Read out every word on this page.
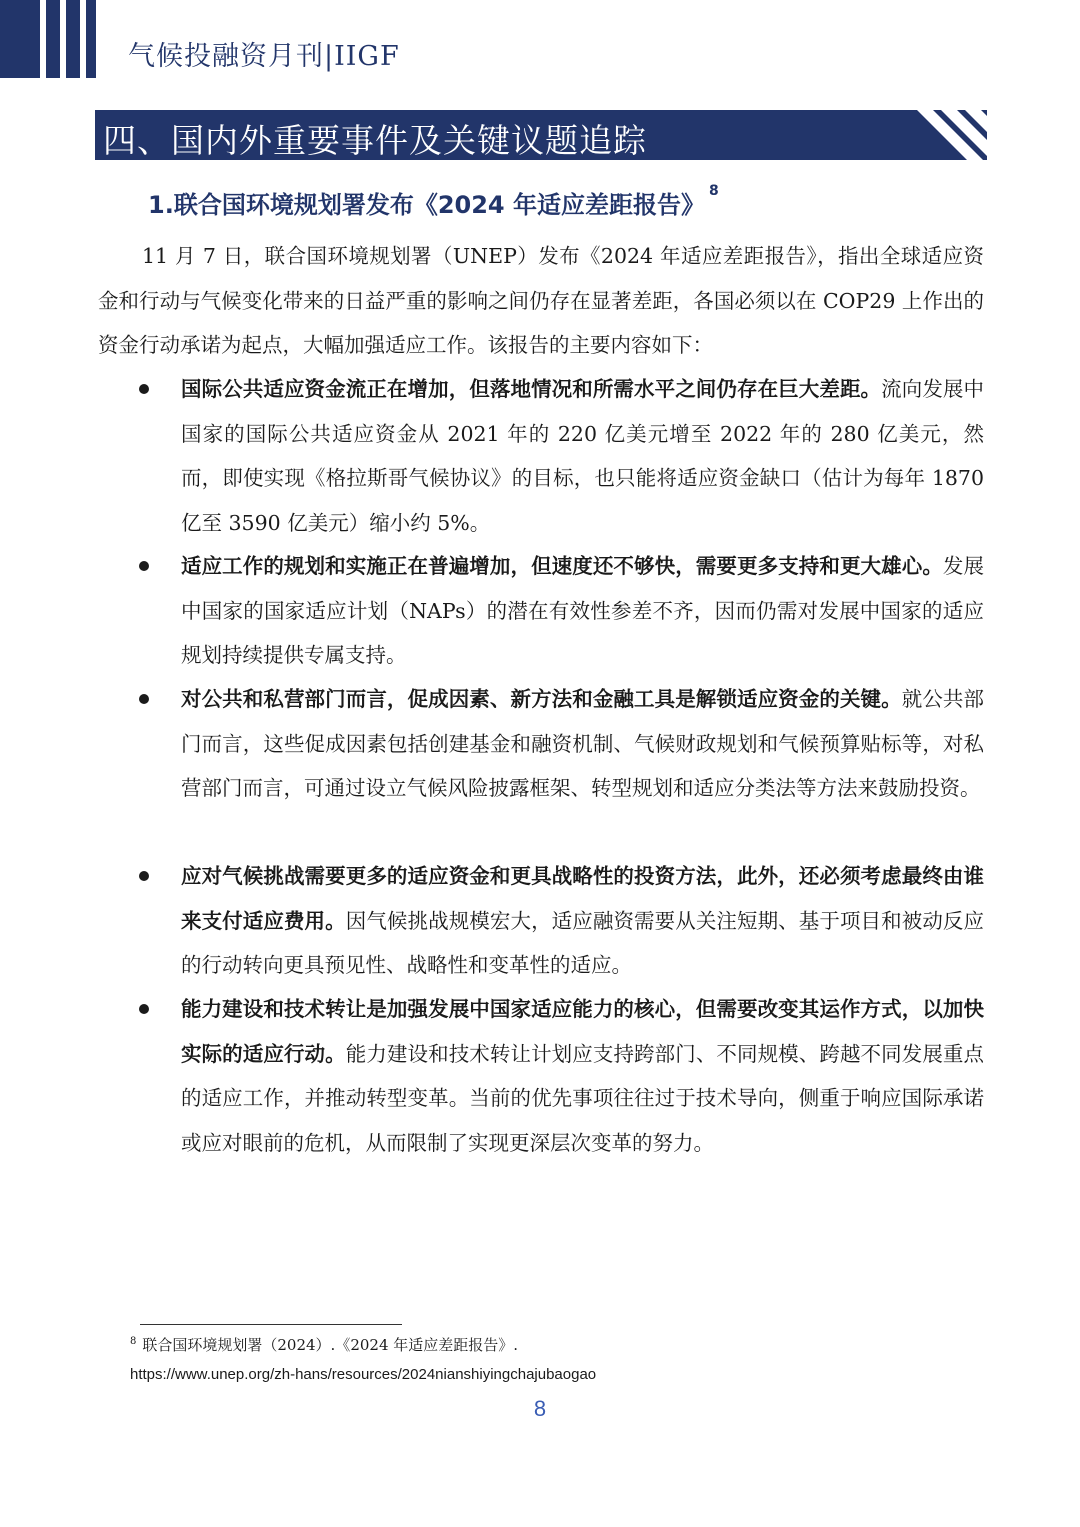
气候投融资月刊|IIGF
四、国内外重要事件及关键议题追踪
1.联合国环境规划署发布《2024 年适应差距报告》 $^8$
11 月 7 日，联合国环境规划署（UNEP）发布《2024 年适应差距报告》，指出全球适应资金和行动与气候变化带来的日益严重的影响之间仍存在显著差距，各国必须以在 COP29 上作出的资金行动承诺为起点，大幅加强适应工作。该报告的主要内容如下：
国际公共适应资金流正在增加，但落地情况和所需水平之间仍存在巨大差距。流向发展中国家的国际公共适应资金从 2021 年的 220 亿美元增至 2022 年的 280 亿美元，然而，即使实现《格拉斯哥气候协议》的目标，也只能将适应资金缺口（估计为每年 1870 亿至 3590 亿美元）缩小约 5%。
适应工作的规划和实施正在普遍增加，但速度还不够快，需要更多支持和更大雄心。发展中国家的国家适应计划（NAPs）的潜在有效性参差不齐，因而仍需对发展中国家的适应规划持续提供专属支持。
对公共和私营部门而言，促成因素、新方法和金融工具是解锁适应资金的关键。就公共部门而言，这些促成因素包括创建基金和融资机制、气候财政规划和气候预算贴标等，对私营部门而言，可通过设立气候风险披露框架、转型规划和适应分类法等方法来鼓励投资。
应对气候挑战需要更多的适应资金和更具战略性的投资方法，此外，还必须考虑最终由谁来支付适应费用。因气候挑战规模宏大，适应融资需要从关注短期、基于项目和被动反应的行动转向更具预见性、战略性和变革性的适应。
能力建设和技术转让是加强发展中国家适应能力的核心，但需要改变其运作方式，以加快实际的适应行动。能力建设和技术转让计划应支持跨部门、不同规模、跨越不同发展重点的适应工作，并推动转型变革。当前的优先事项往往过于技术导向，侧重于响应国际承诺或应对眼前的危机，从而限制了实现更深层次变革的努力。
$^8$ 联合国环境规划署（2024）.《2024 年适应差距报告》.
https://www.unep.org/zh-hans/resources/2024nianshiyingchajubaogao
8
